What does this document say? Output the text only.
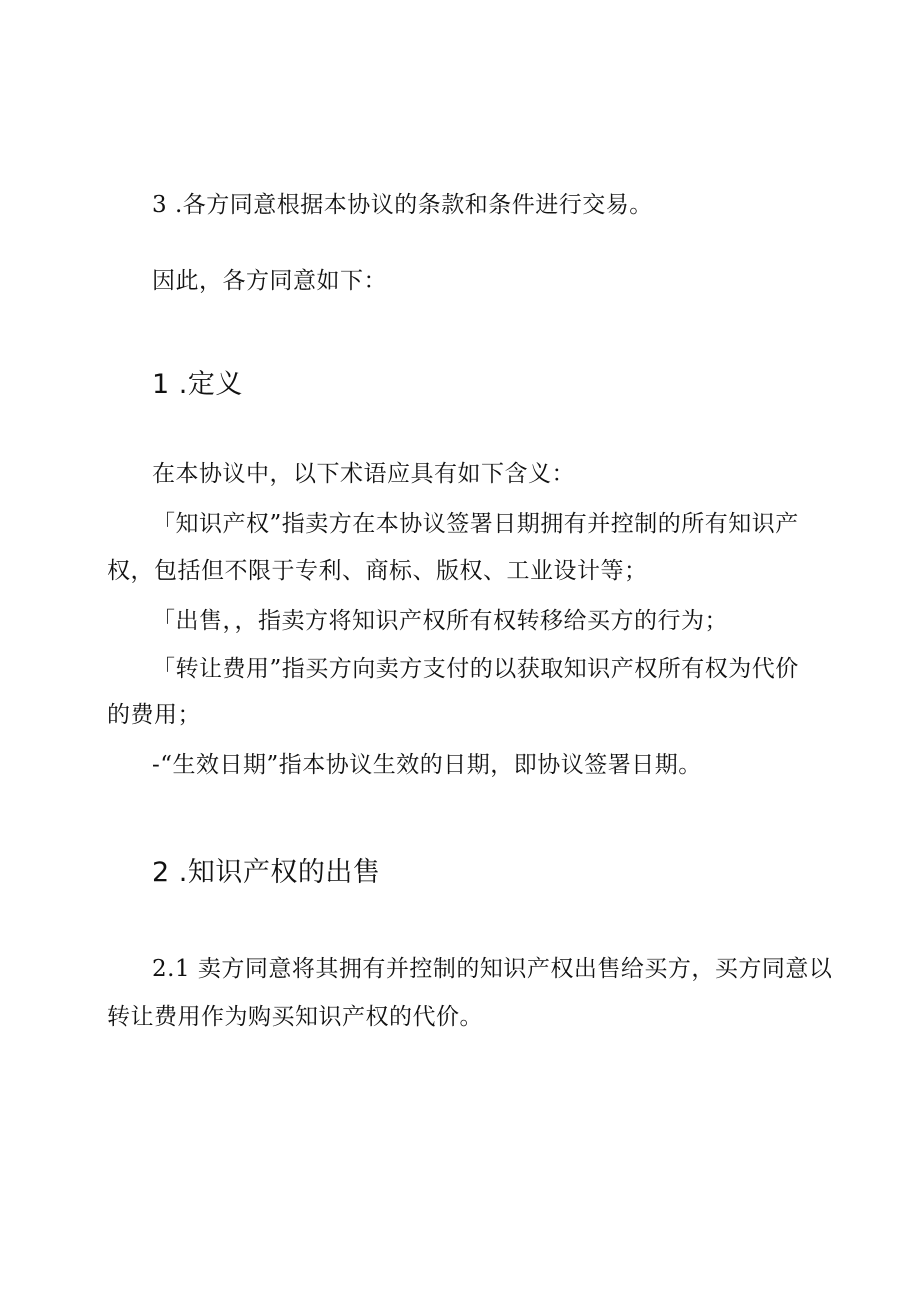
3 .各方同意根据本协议的条款和条件进行交易。
因此，各方同意如下：
1 .定义
在本协议中，以下术语应具有如下含义：
「知识产权”指卖方在本协议签署日期拥有并控制的所有知识产
权，包括但不限于专利、商标、版权、工业设计等；
「出售，，指卖方将知识产权所有权转移给买方的行为；
「转让费用”指买方向卖方支付的以获取知识产权所有权为代价
的费用；
-“生效日期”指本协议生效的日期，即协议签署日期。
2 .知识产权的出售
2.1 卖方同意将其拥有并控制的知识产权出售给买方，买方同意以
转让费用作为购买知识产权的代价。
